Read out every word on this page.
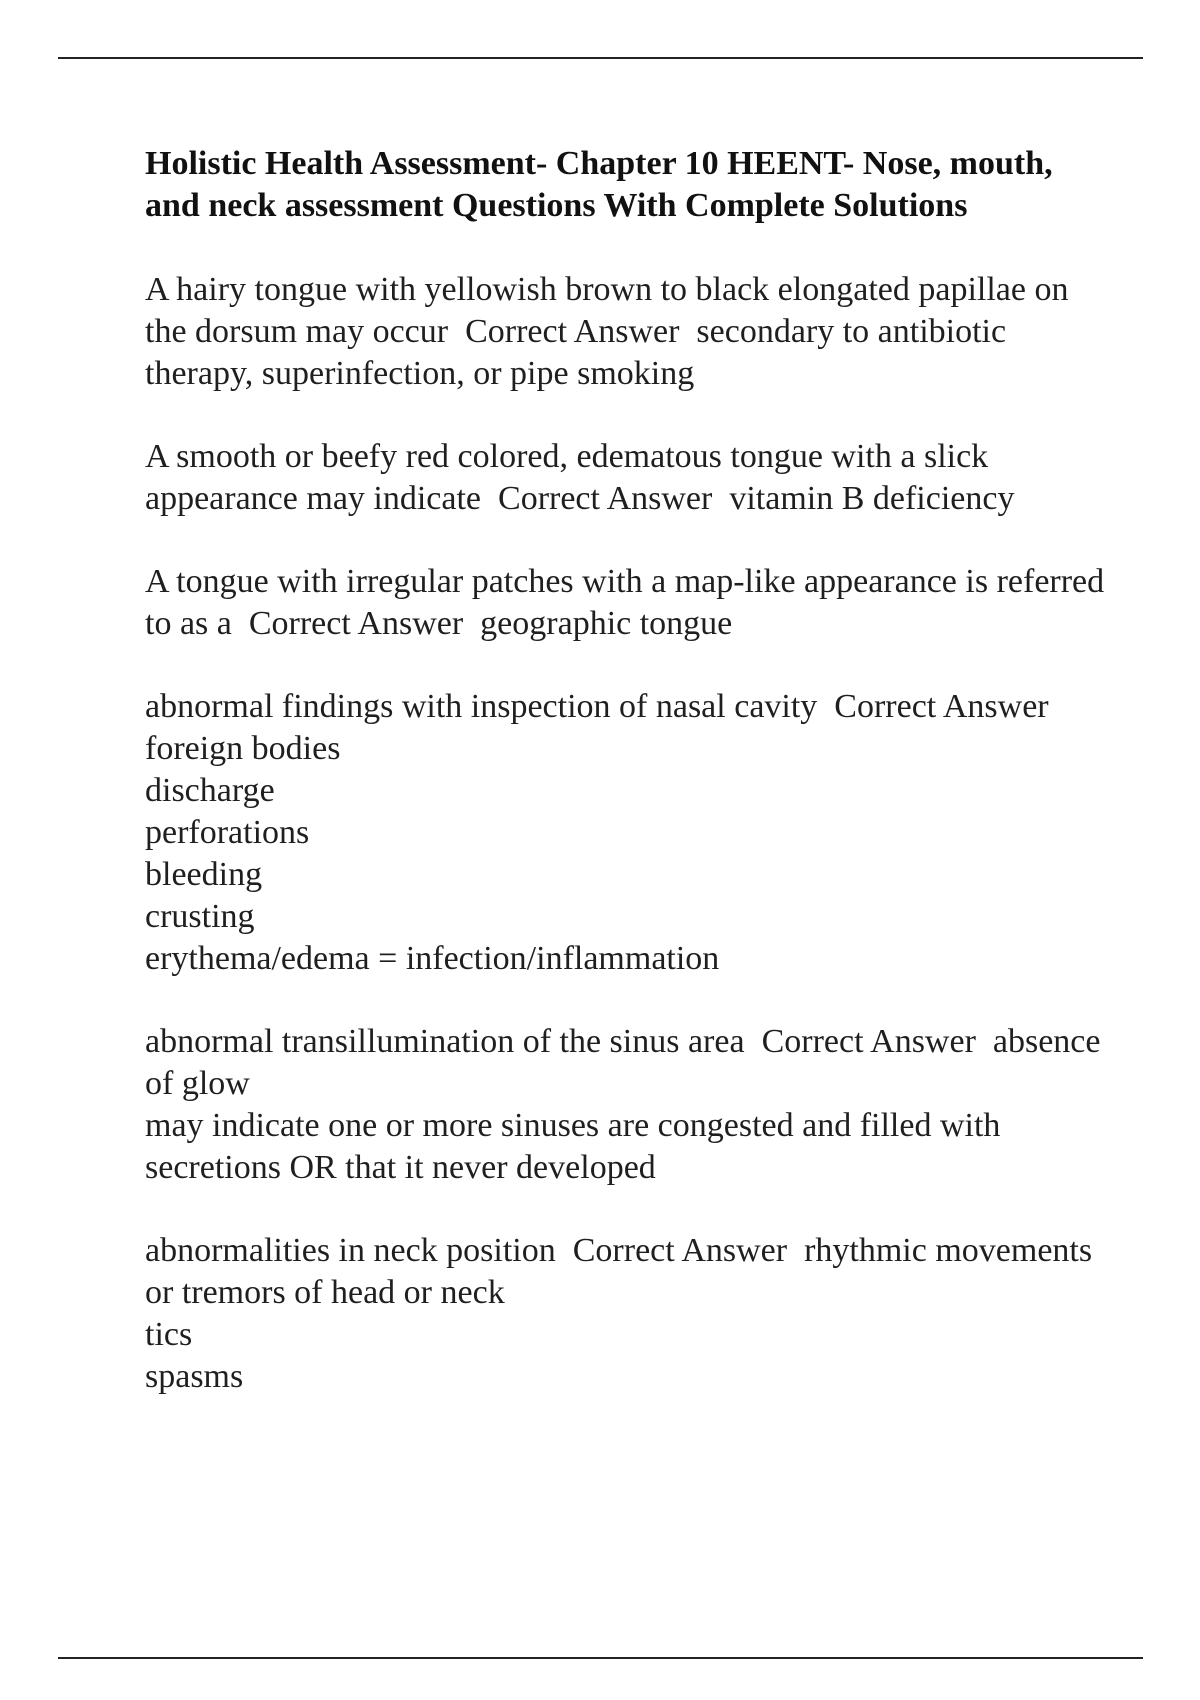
Holistic Health Assessment- Chapter 10 HEENT- Nose, mouth, and neck assessment Questions With Complete Solutions

A hairy tongue with yellowish brown to black elongated papillae on the dorsum may occur  Correct Answer  secondary to antibiotic therapy, superinfection, or pipe smoking

A smooth or beefy red colored, edematous tongue with a slick appearance may indicate  Correct Answer  vitamin B deficiency

A tongue with irregular patches with a map-like appearance is referred to as a  Correct Answer  geographic tongue

abnormal findings with inspection of nasal cavity  Correct Answer  foreign bodies
discharge
perforations
bleeding
crusting
erythema/edema = infection/inflammation

abnormal transillumination of the sinus area  Correct Answer  absence of glow
may indicate one or more sinuses are congested and filled with secretions OR that it never developed

abnormalities in neck position  Correct Answer  rhythmic movements or tremors of head or neck
tics
spasms
